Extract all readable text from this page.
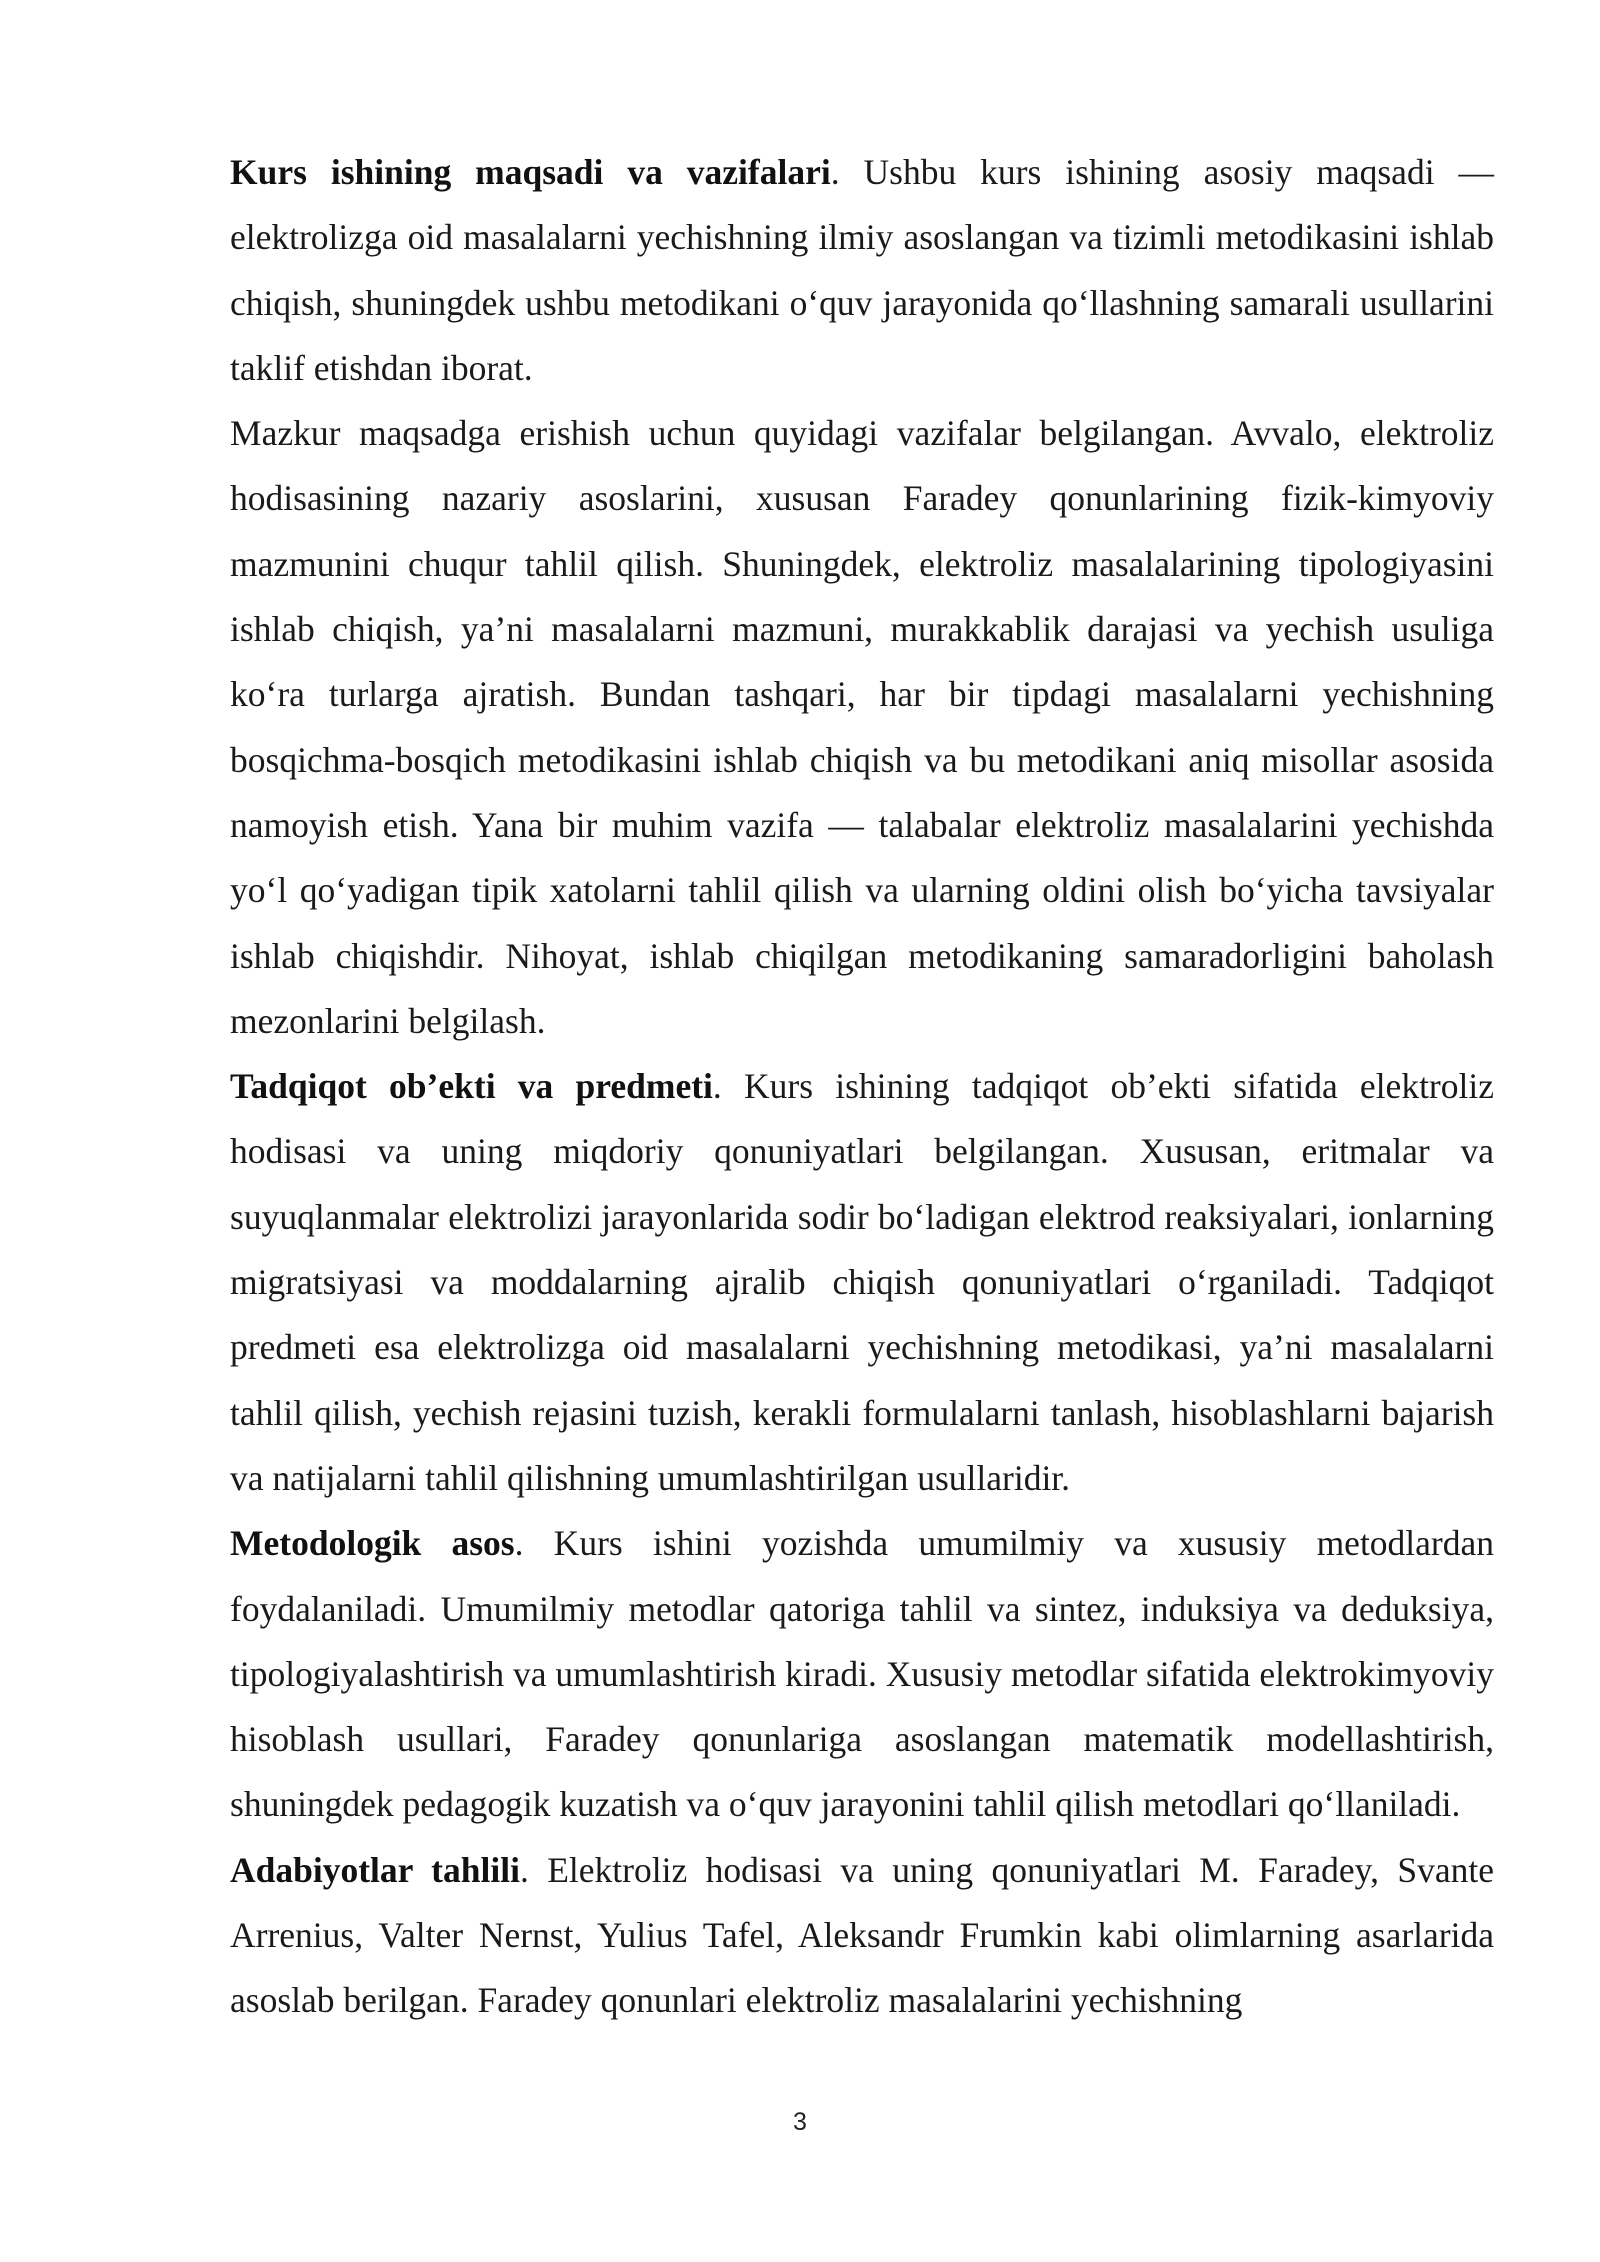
Kurs ishining maqsadi va vazifalari. Ushbu kurs ishining asosiy maqsadi — elektrolizga oid masalalarni yechishning ilmiy asoslangan va tizimli metodikasini ishlab chiqish, shuningdek ushbu metodikani o‘quv jarayonida qo‘llashning samarali usullarini taklif etishdan iborat.

Mazkur maqsadga erishish uchun quyidagi vazifalar belgilangan. Avvalo, elektroliz hodisasining nazariy asoslarini, xususan Faradey qonunlarining fizik-kimyoviy mazmunini chuqur tahlil qilish. Shuningdek, elektroliz masalalarining tipologiyasini ishlab chiqish, ya’ni masalalarni mazmuni, murakkablik darajasi va yechish usuliga ko‘ra turlarga ajratish. Bundan tashqari, har bir tipdagi masalalarni yechishning bosqichma-bosqich metodikasini ishlab chiqish va bu metodikani aniq misollar asosida namoyish etish. Yana bir muhim vazifa — talabalar elektroliz masalalarini yechishda yo‘l qo‘yadigan tipik xatolarni tahlil qilish va ularning oldini olish bo‘yicha tavsiyalar ishlab chiqishdir. Nihoyat, ishlab chiqilgan metodikaning samaradorligini baholash mezonlarini belgilash.

Tadqiqot ob’ekti va predmeti. Kurs ishining tadqiqot ob’ekti sifatida elektroliz hodisasi va uning miqdoriy qonuniyatlari belgilangan. Xususan, eritmalar va suyuqlanmalar elektrolizi jarayonlarida sodir bo‘ladigan elektrod reaksiyalari, ionlarning migratsiyasi va moddalarning ajralib chiqish qonuniyatlari o‘rganiladi. Tadqiqot predmeti esa elektrolizga oid masalalarni yechishning metodikasi, ya’ni masalalarni tahlil qilish, yechish rejasini tuzish, kerakli formulalarni tanlash, hisoblashlarni bajarish va natijalarni tahlil qilishning umumlashtirilgan usullaridir.

Metodologik asos. Kurs ishini yozishda umumilmiy va xususiy metodlardan foydalaniladi. Umumilmiy metodlar qatoriga tahlil va sintez, induksiya va deduksiya, tipologiyalashtirish va umumlashtirish kiradi. Xususiy metodlar sifatida elektrokimyoviy hisoblash usullari, Faradey qonunlariga asoslangan matematik modellashtirish, shuningdek pedagogik kuzatish va o‘quv jarayonini tahlil qilish metodlari qo‘llaniladi.

Adabiyotlar tahlili. Elektroliz hodisasi va uning qonuniyatlari M. Faradey, Svante Arrenius, Valter Nernst, Yulius Tafel, Aleksandr Frumkin kabi olimlarning asarlarida asoslab berilgan. Faradey qonunlari elektroliz masalalarini yechishning

3
